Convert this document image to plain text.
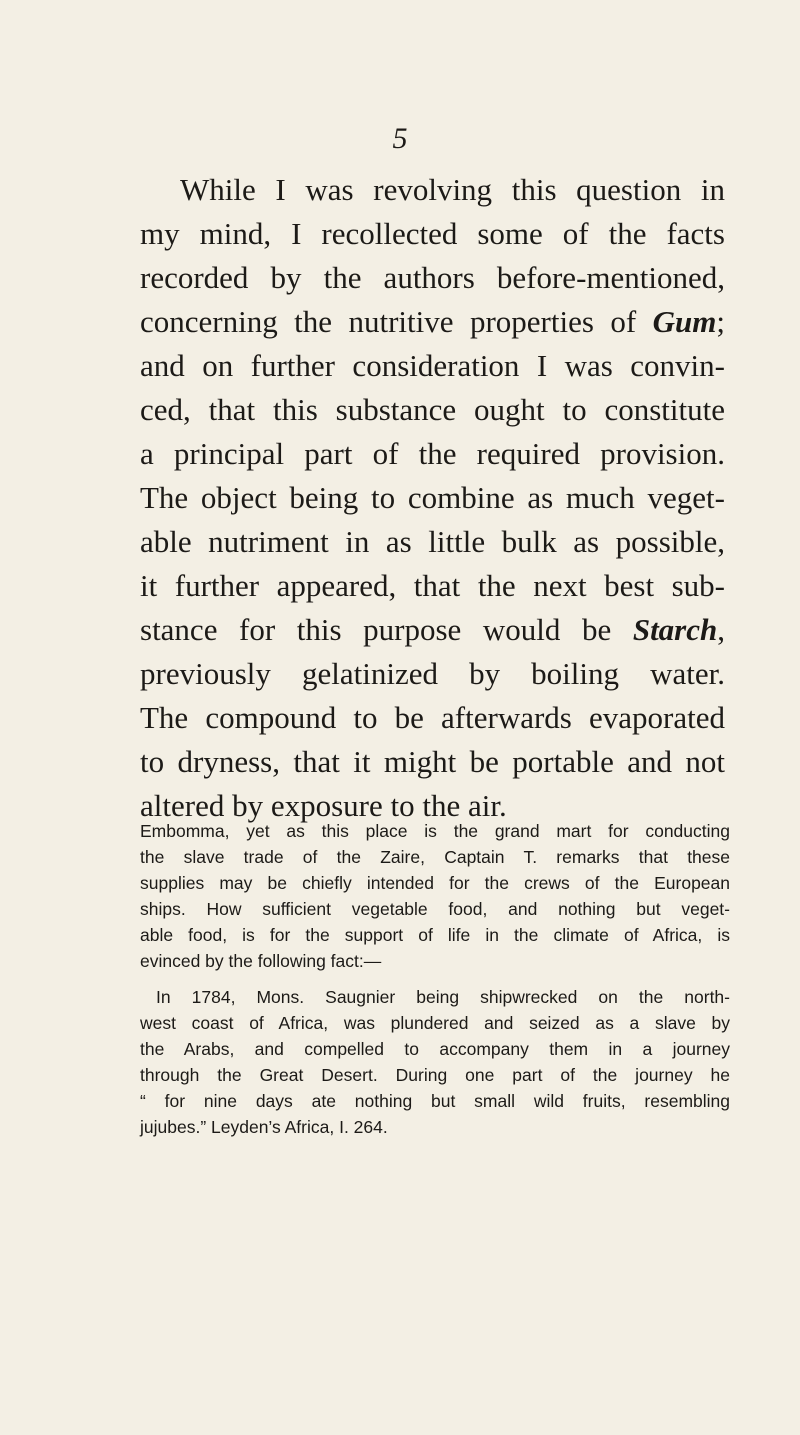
5
While I was revolving this question in
my mind, I recollected some of the facts
recorded by the authors before-mentioned,
concerning the nutritive properties of Gum;
and on further consideration I was convin-
ced, that this substance ought to constitute
a principal part of the required provision.
The object being to combine as much veget-
able nutriment in as little bulk as possible,
it further appeared, that the next best sub-
stance for this purpose would be Starch,
previously gelatinized by boiling water.
The compound to be afterwards evaporated
to dryness, that it might be portable and not
altered by exposure to the air.
Embomma, yet as this place is the grand mart for conducting
the slave trade of the Zaire, Captain T. remarks that these
supplies may be chiefly intended for the crews of the European
ships. How sufficient vegetable food, and nothing but veget-
able food, is for the support of life in the climate of Africa, is
evinced by the following fact:—
In 1784, Mons. Saugnier being shipwrecked on the north-
west coast of Africa, was plundered and seized as a slave by
the Arabs, and compelled to accompany them in a journey
through the Great Desert. During one part of the journey he
“ for nine days ate nothing but small wild fruits, resembling
jujubes.” Leyden’s Africa, I. 264.
